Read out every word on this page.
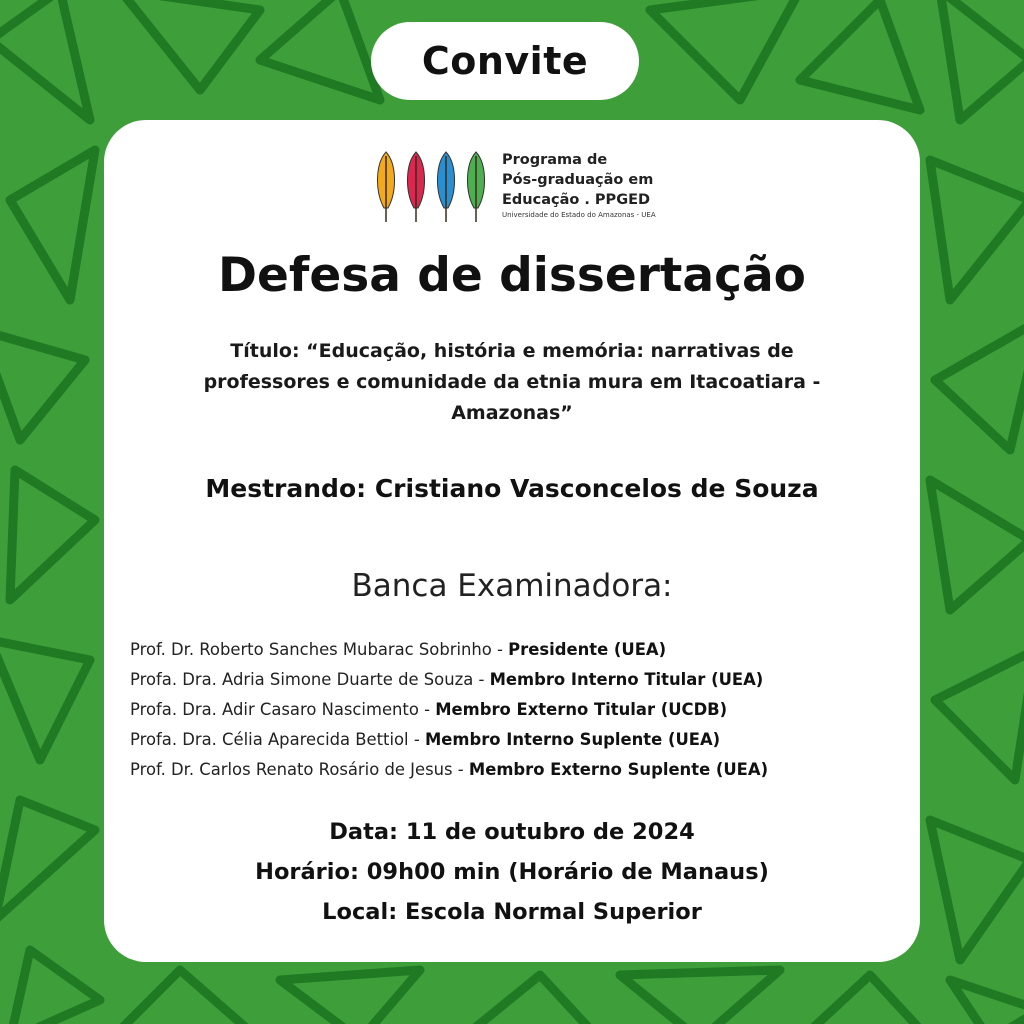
Convite
Programa de
Pós-graduação em
Educação . PPGED
Universidade do Estado do Amazonas - UEA
Defesa de dissertação
Título: “Educação, história e memória: narrativas de
professores e comunidade da etnia mura em Itacoatiara -
Amazonas”
Mestrando: Cristiano Vasconcelos de Souza
Banca Examinadora:
Prof. Dr. Roberto Sanches Mubarac Sobrinho - Presidente (UEA)
Profa. Dra. Adria Simone Duarte de Souza - Membro Interno Titular (UEA)
Profa. Dra. Adir Casaro Nascimento - Membro Externo Titular (UCDB)
Profa. Dra. Célia Aparecida Bettiol - Membro Interno Suplente (UEA)
Prof. Dr. Carlos Renato Rosário de Jesus - Membro Externo Suplente (UEA)
Data: 11 de outubro de 2024
Horário: 09h00 min (Horário de Manaus)
Local: Escola Normal Superior
